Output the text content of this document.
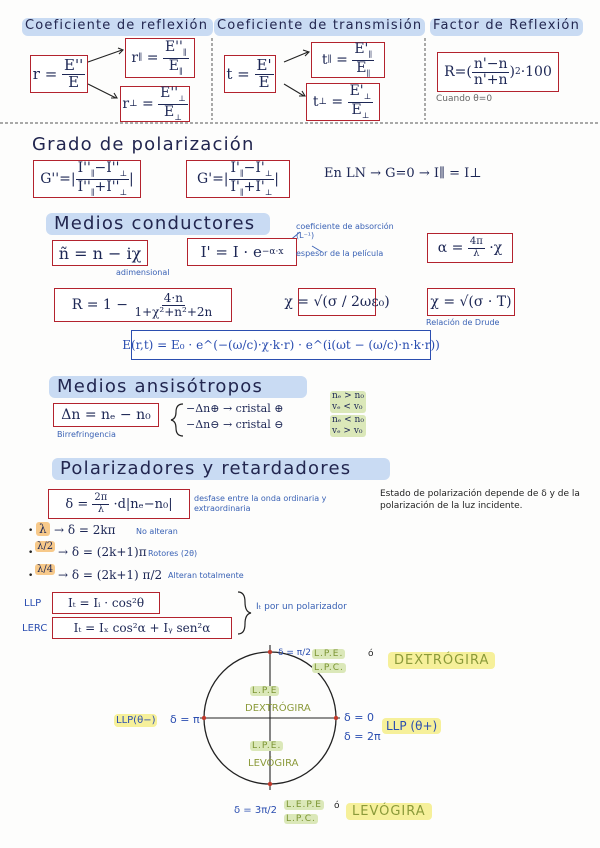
Coeficiente de reflexión Coeficiente de transmisión Factor de Reflexión
$r = \frac{E''}{E}$	r ∥ = $\frac{E''_\parallel}{E_\parallel}$
r ⊥ = $\frac{E''_\perp}{E_\perp}$
$t = \frac{E'}{E}$	t ∥ = $\frac{E'_\parallel}{E_\parallel}$
t ⊥ = $\frac{E'_\perp}{E_\perp}$
$R=( \frac{n'-n}{n'+n}$ ) 2 ·100
Cuando θ=0
Grado de polarización
$G''=| \frac{I''_\parallel-I''_\perp}{I''_\parallel+I''_\perp}$ |	$G'=| \frac{I'_\parallel-I'_\perp}{I'_\parallel+I'_\perp}$ |	En LN → G=0 → I∥ = I⊥
Medios conductores
ñ = n − iχ
adimensional
I' = I · e −α·x
coeficiente de absorción (L⁻¹)
espesor de la película	$\alpha = \frac{4\pi}{\lambda} \cdot\chi$
$R = 1 - \frac{4\cdot n}{\text{1+χ²+n²+2n}}$	χ = √(σ / 2ωε₀)	χ = √(σ · T)
Relación de Drude
E(r,t) = E₀ · e^(−(ω/c)·χ·k·r) · e^(i(ωt − (ω/c)·n·k·r))
Medios ansisótropos
Δn = nₑ − n₀
Birrefringencia
−Δn⊕ → cristal ⊕
−Δn⊖ → cristal ⊖
nₑ > n₀
vₑ < v₀
nₑ < n₀
vₑ > v₀
Polarizadores y retardadores
$\delta = \frac{2\pi}{\lambda} \cdot d|n_e-n_0|$	desfase entre la onda ordinaria y extraordinaria
Estado de polarización depende de δ y de la polarización de la luz incidente.
• λ → δ = 2kπ	No alteran
•
λ/2 → δ = (2k+1)π Rotores (2θ)
•
λ/4 → δ = (2k+1) π/2 Alteran totalmente
LLP	Iₜ = Iᵢ · cos²θ
LERC	Iₜ = Iₓ cos²α + Iᵧ sen²α
Iₜ por un polarizador
δ = π/2 L.P.E.	ó
L.P.C.	DEXTRÓGIRA
LLP(θ−) δ = π	δ = 0
δ = 2π
LLP (θ+)
L.P.E
DEXTRÓGIRA
L.P.E.
LEVÓGIRA
δ = 3π/2 L.E.P.E ó
L.P.C.	LEVÓGIRA
